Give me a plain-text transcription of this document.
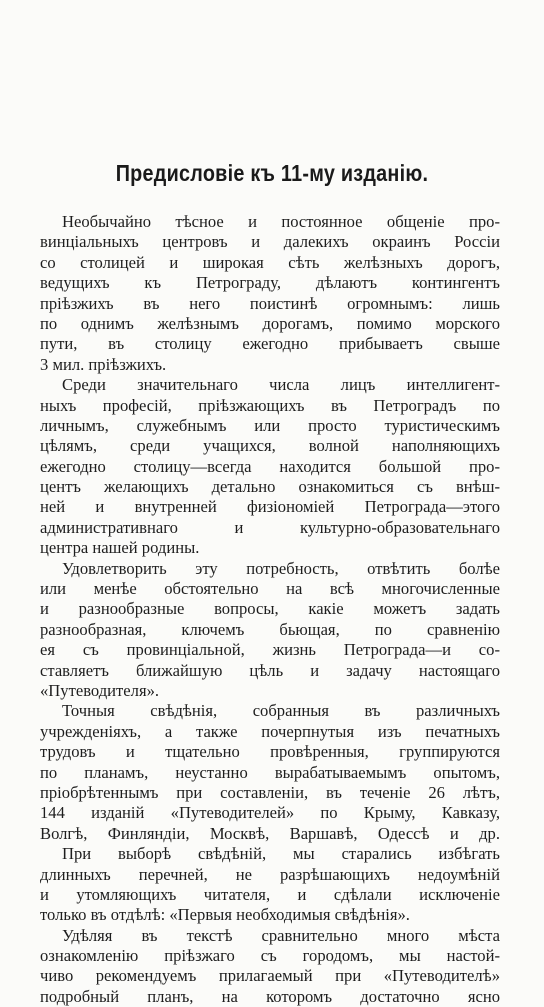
Предисловіе къ 11-му изданію.
Необычайно тѣсное и постоянное общеніе про-
винціальныхъ центровъ и далекихъ окраинъ Россіи
со столицей и широкая сѣть желѣзныхъ дорогъ,
ведущихъ къ Петрограду, дѣлаютъ контингентъ
пріѣзжихъ въ него поистинѣ огромнымъ: лишь
по однимъ желѣзнымъ дорогамъ, помимо морского
пути, въ столицу ежегодно прибываетъ свыше
3 мил. пріѣзжихъ.
Среди значительнаго числа лицъ интеллигент-
ныхъ професій, пріѣзжающихъ въ Петроградъ по
личнымъ, служебнымъ или просто туристическимъ
цѣлямъ, среди учащихся, волной наполняющихъ
ежегодно столицу—всегда находится большой про-
центъ желающихъ детально ознакомиться съ внѣш-
ней и внутренней физіономіей Петрограда—этого
административнаго и культурно-образовательнаго
центра нашей родины.
Удовлетворить эту потребность, отвѣтить болѣе
или менѣе обстоятельно на всѣ многочисленные
и разнообразные вопросы, какіе можетъ задать
разнообразная, ключемъ бьющая, по сравненію
ея съ провинціальной, жизнь Петрограда—и со-
ставляетъ ближайшую цѣль и задачу настоящаго
«Путеводителя».
Точныя свѣдѣнія, собранныя въ различныхъ
учрежденіяхъ, а также почерпнутыя изъ печатныхъ
трудовъ и тщательно провѣренныя, группируются
по планамъ, неустанно вырабатываемымъ опытомъ,
пріобрѣтеннымъ при составленіи, въ теченіе 26 лѣтъ,
144 изданій «Путеводителей» по Крыму, Кавказу,
Волгѣ, Финляндіи, Москвѣ, Варшавѣ, Одессѣ и др.
При выборѣ свѣдѣній, мы старались избѣгать
длинныхъ перечней, не разрѣшающихъ недоумѣній
и утомляющихъ читателя, и сдѣлали исключеніе
только въ отдѣлѣ: «Первыя необходимыя свѣдѣнія».
Удѣляя въ текстѣ сравнительно много мѣста
ознакомленію пріѣзжаго съ городомъ, мы настой-
чиво рекомендуемъ прилагаемый при «Путеводителѣ»
подробный планъ, на которомъ достаточно ясно
